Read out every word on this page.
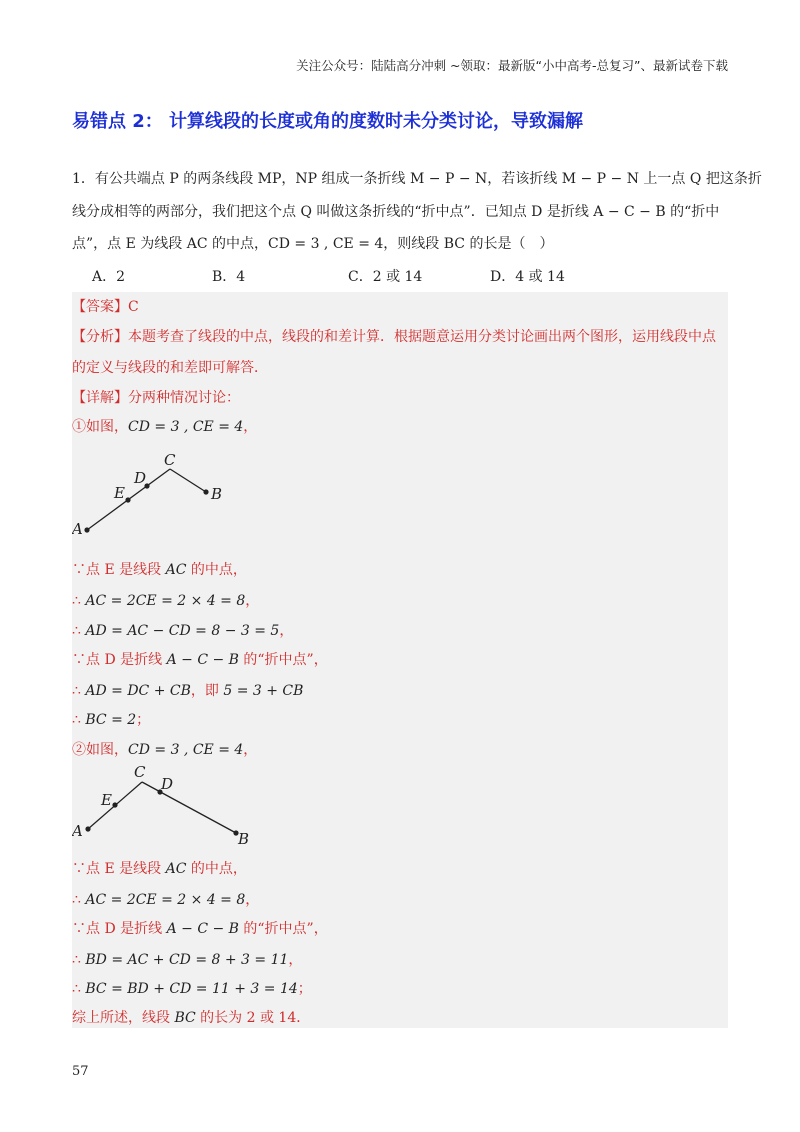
关注公众号：陆陆高分冲刺 ~领取：最新版“小中高考-总复习”、最新试卷下载
易错点 2： 计算线段的长度或角的度数时未分类讨论，导致漏解
1．有公共端点 P 的两条线段 MP，NP 组成一条折线 M − P − N，若该折线 M − P − N 上一点 Q 把这条折
线分成相等的两部分，我们把这个点 Q 叫做这条折线的“折中点”．已知点 D 是折线 A − C − B 的“折中
点”，点 E 为线段 AC 的中点，CD = 3 , CE = 4，则线段 BC 的长是（　）
A．2	B．4	C．2 或 14	D．4 或 14
【答案】C
【分析】本题考查了线段的中点，线段的和差计算．根据题意运用分类讨论画出两个图形，运用线段中点
的定义与线段的和差即可解答．
【详解】分两种情况讨论：
①如图，CD = 3 , CE = 4，
A
E
D
C
B
∵点 E 是线段 AC 的中点，
∴ AC = 2CE = 2 × 4 = 8，
∴ AD = AC − CD = 8 − 3 = 5，
∵点 D 是折线 A − C − B 的“折中点”，
∴ AD = DC + CB，即 5 = 3 + CB
∴ BC = 2；
②如图，CD = 3 , CE = 4，
A
E
C
D
B
∵点 E 是线段 AC 的中点，
∴ AC = 2CE = 2 × 4 = 8，
∵点 D 是折线 A − C − B 的“折中点”，
∴ BD = AC + CD = 8 + 3 = 11，
∴ BC = BD + CD = 11 + 3 = 14；
综上所述，线段 BC 的长为 2 或 14．
57
